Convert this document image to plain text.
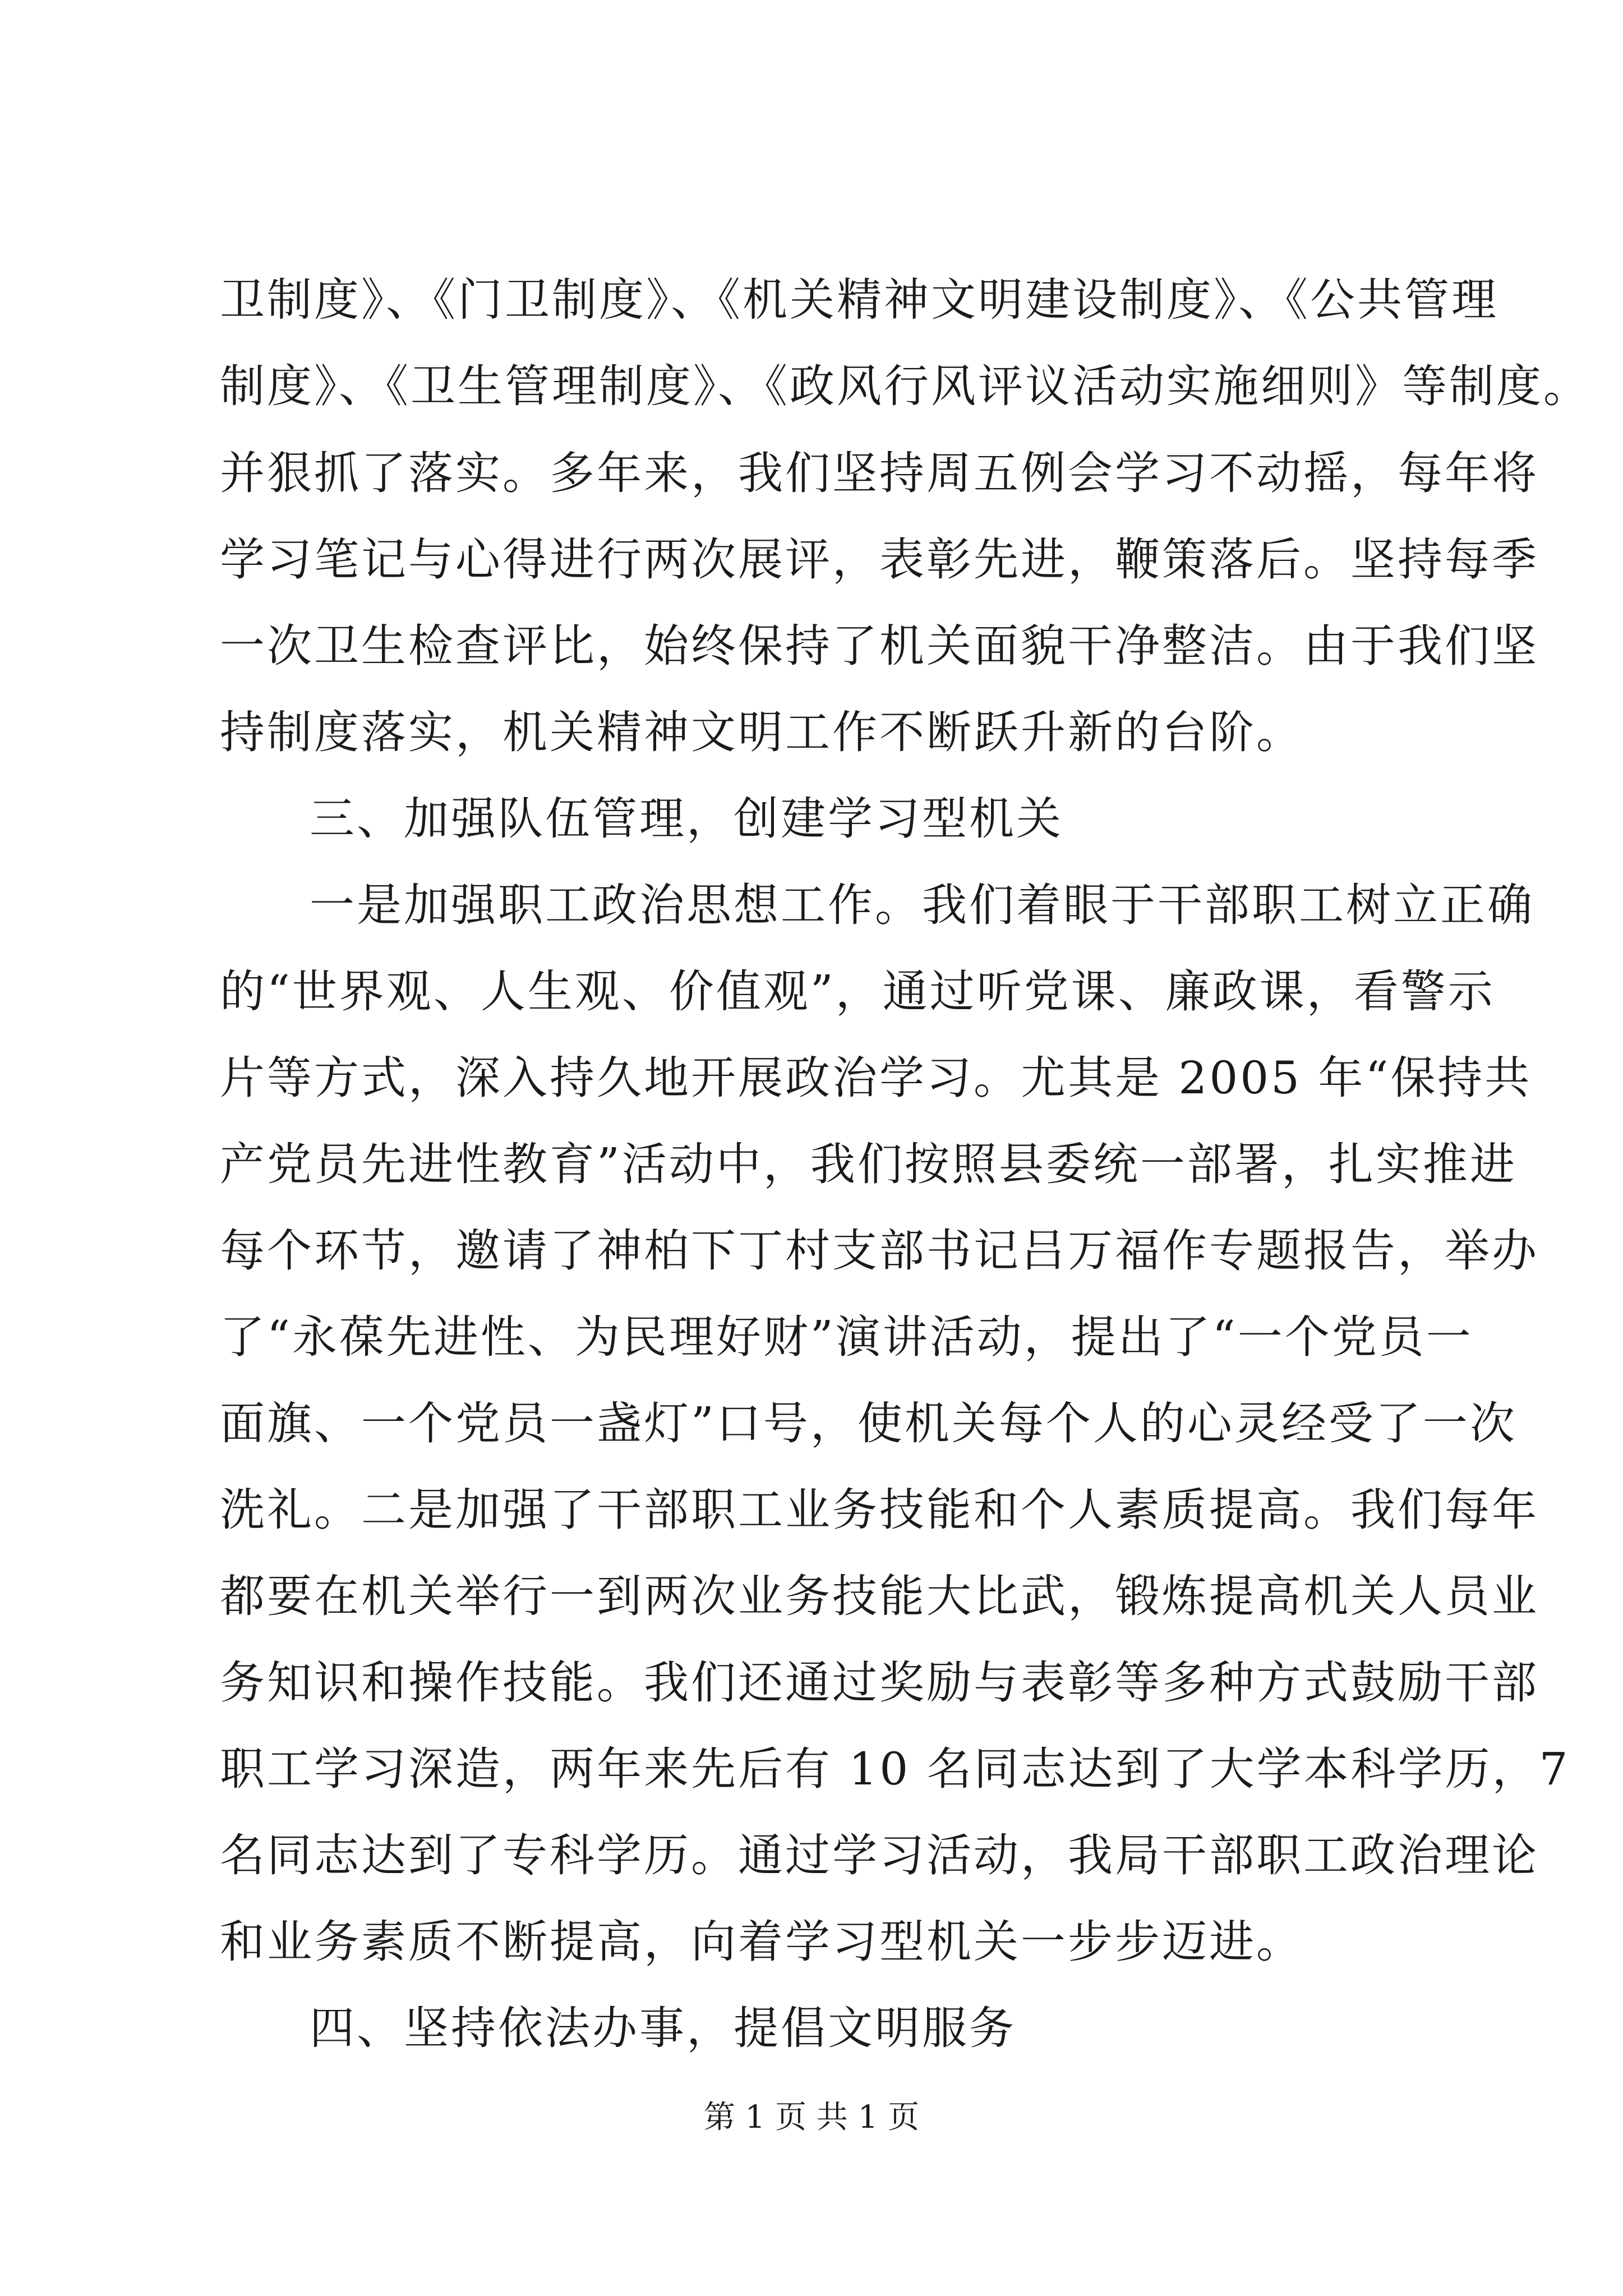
卫制度》、《门卫制度》、《机关精神文明建设制度》、《公共管理
制度》、《卫生管理制度》、《政风行风评议活动实施细则》等制度。
并狠抓了落实。多年来，我们坚持周五例会学习不动摇，每年将
学习笔记与心得进行两次展评，表彰先进，鞭策落后。坚持每季
一次卫生检查评比，始终保持了机关面貌干净整洁。由于我们坚
持制度落实，机关精神文明工作不断跃升新的台阶。
三、加强队伍管理，创建学习型机关
一是加强职工政治思想工作。我们着眼于干部职工树立正确
的“世界观、人生观、价值观”，通过听党课、廉政课，看警示
片等方式，深入持久地开展政治学习。尤其是 2005 年“保持共
产党员先进性教育”活动中，我们按照县委统一部署，扎实推进
每个环节，邀请了神柏下丁村支部书记吕万福作专题报告，举办
了“永葆先进性、为民理好财”演讲活动，提出了“一个党员一
面旗、一个党员一盏灯”口号，使机关每个人的心灵经受了一次
洗礼。二是加强了干部职工业务技能和个人素质提高。我们每年
都要在机关举行一到两次业务技能大比武，锻炼提高机关人员业
务知识和操作技能。我们还通过奖励与表彰等多种方式鼓励干部
职工学习深造，两年来先后有 10 名同志达到了大学本科学历，7
名同志达到了专科学历。通过学习活动，我局干部职工政治理论
和业务素质不断提高，向着学习型机关一步步迈进。
四、坚持依法办事，提倡文明服务
第 1 页 共 1 页
